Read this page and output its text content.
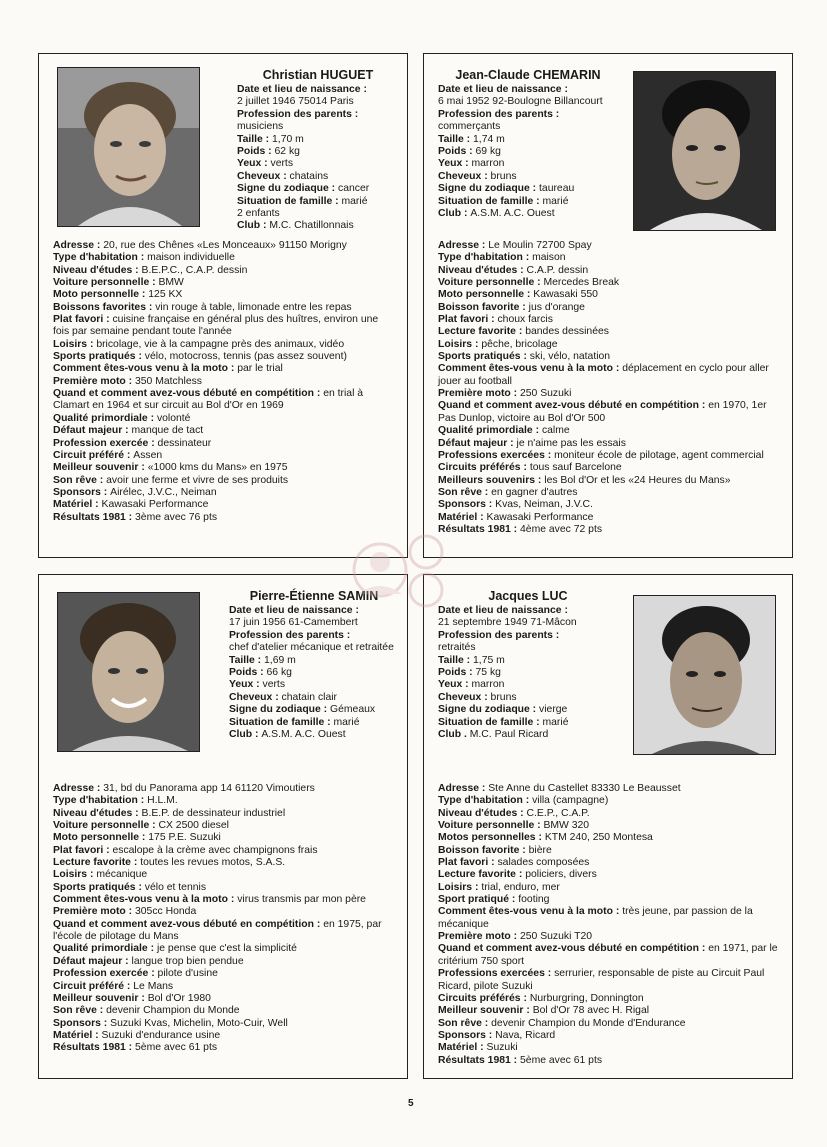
Christian HUGUET
Date et lieu de naissance :
2 juillet 1946 75014 Paris
Profession des parents :
musiciens
Taille : 1,70 m
Poids : 62 kg
Yeux : verts
Cheveux : chatains
Signe du zodiaque : cancer
Situation de famille : marié
2 enfants
Club : M.C. Chatillonnais
Adresse : 20, rue des Chênes «Les Monceaux» 91150 Morigny
Type d'habitation : maison individuelle
Niveau d'études : B.E.P.C., C.A.P. dessin
Voiture personnelle : BMW
Moto personnelle : 125 KX
Boissons favorites : vin rouge à table, limonade entre les repas
Plat favori : cuisine française en général plus des huîtres, environ une fois par semaine pendant toute l'année
Loisirs : bricolage, vie à la campagne près des animaux, vidéo
Sports pratiqués : vélo, motocross, tennis (pas assez souvent)
Comment êtes-vous venu à la moto : par le trial
Première moto : 350 Matchless
Quand et comment avez-vous débuté en compétition : en trial à Clamart en 1964 et sur circuit au Bol d'Or en 1969
Qualité primordiale : volonté
Défaut majeur : manque de tact
Profession exercée : dessinateur
Circuit préféré : Assen
Meilleur souvenir : «1000 kms du Mans» en 1975
Son rêve : avoir une ferme et vivre de ses produits
Sponsors : Airélec, J.V.C., Neiman
Matériel : Kawasaki Performance
Résultats 1981 : 3ème avec 76 pts
Jean-Claude CHEMARIN
Date et lieu de naissance :
6 mai 1952 92-Boulogne Billancourt
Profession des parents :
commerçants
Taille : 1,74 m
Poids : 69 kg
Yeux : marron
Cheveux : bruns
Signe du zodiaque : taureau
Situation de famille : marié
Club : A.S.M. A.C. Ouest
Adresse : Le Moulin 72700 Spay
Type d'habitation : maison
Niveau d'études : C.A.P. dessin
Voiture personnelle : Mercedes Break
Moto personnelle : Kawasaki 550
Boisson favorite : jus d'orange
Plat favori : choux farcis
Lecture favorite : bandes dessinées
Loisirs : pêche, bricolage
Sports pratiqués : ski, vélo, natation
Comment êtes-vous venu à la moto : déplacement en cyclo pour aller jouer au football
Première moto : 250 Suzuki
Quand et comment avez-vous débuté en compétition : en 1970, 1er Pas Dunlop, victoire au Bol d'Or 500
Qualité primordiale : calme
Défaut majeur : je n'aime pas les essais
Professions exercées : moniteur école de pilotage, agent commercial
Circuits préférés : tous sauf Barcelone
Meilleurs souvenirs : les Bol d'Or et les «24 Heures du Mans»
Son rêve : en gagner d'autres
Sponsors : Kvas, Neiman, J.V.C.
Matériel : Kawasaki Performance
Résultats 1981 : 4ème avec 72 pts
Pierre-Étienne SAMIN
Date et lieu de naissance :
17 juin 1956 61-Camembert
Profession des parents :
chef d'atelier mécanique et retraitée
Taille : 1,69 m
Poids : 66 kg
Yeux : verts
Cheveux : chatain clair
Signe du zodiaque : Gémeaux
Situation de famille : marié
Club : A.S.M. A.C. Ouest
Adresse : 31, bd du Panorama app 14 61120 Vimoutiers
Type d'habitation : H.L.M.
Niveau d'études : B.E.P. de dessinateur industriel
Voiture personnelle : CX 2500 diesel
Moto personnelle : 175 P.E. Suzuki
Plat favori : escalope à la crème avec champignons frais
Lecture favorite : toutes les revues motos, S.A.S.
Loisirs : mécanique
Sports pratiqués : vélo et tennis
Comment êtes-vous venu à la moto : virus transmis par mon père
Première moto : 305cc Honda
Quand et comment avez-vous débuté en compétition : en 1975, par l'école de pilotage du Mans
Qualité primordiale : je pense que c'est la simplicité
Défaut majeur : langue trop bien pendue
Profession exercée : pilote d'usine
Circuit préféré : Le Mans
Meilleur souvenir : Bol d'Or 1980
Son rêve : devenir Champion du Monde
Sponsors : Suzuki Kvas, Michelin, Moto-Cuir, Well
Matériel : Suzuki d'endurance usine
Résultats 1981 : 5ème avec 61 pts
Jacques LUC
Date et lieu de naissance :
21 septembre 1949 71-Mâcon
Profession des parents :
retraités
Taille : 1,75 m
Poids : 75 kg
Yeux : marron
Cheveux : bruns
Signe du zodiaque : vierge
Situation de famille : marié
Club . M.C. Paul Ricard
Adresse : Ste Anne du Castellet 83330 Le Beausset
Type d'habitation : villa (campagne)
Niveau d'études : C.E.P., C.A.P.
Voiture personnelle : BMW 320
Motos personnelles : KTM 240, 250 Montesa
Boisson favorite : bière
Plat favori : salades composées
Lecture favorite : policiers, divers
Loisirs : trial, enduro, mer
Sport pratiqué : footing
Comment êtes-vous venu à la moto : très jeune, par passion de la mécanique
Première moto : 250 Suzuki T20
Quand et comment avez-vous débuté en compétition : en 1971, par le critérium 750 sport
Professions exercées : serrurier, responsable de piste au Circuit Paul Ricard, pilote Suzuki
Circuits préférés : Nurburgring, Donnington
Meilleur souvenir : Bol d'Or 78 avec H. Rigal
Son rêve : devenir Champion du Monde d'Endurance
Sponsors : Nava, Ricard
Matériel : Suzuki
Résultats 1981 : 5ème avec 61 pts
5
